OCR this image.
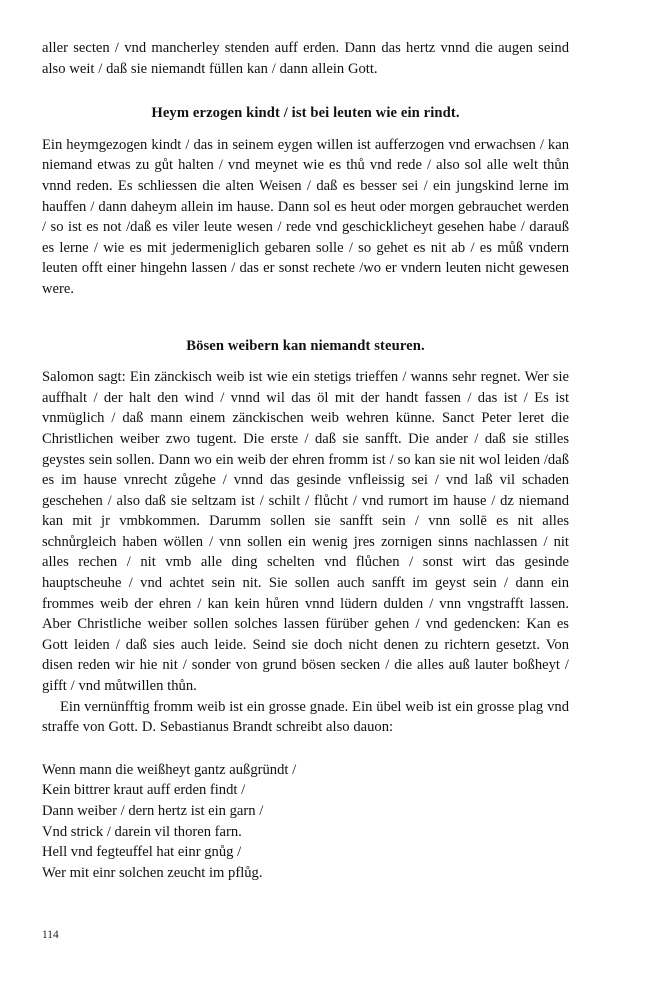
aller secten / vnd mancherley stenden auff erden. Dann das hertz vnnd die augen seind also weit / daß sie niemandt füllen kan / dann allein Gott.

Heym erzogen kindt / ist bei leuten wie ein rindt.

Ein heymgezogen kindt / das in seinem eygen willen ist aufferzogen vnd erwachsen / kan niemand etwas zu gůt halten / vnd meynet wie es thů vnd rede / also sol alle welt thůn vnnd reden. Es schliessen die alten Weisen / daß es besser sei / ein jungskind lerne im hauffen / dann daheym allein im hause. Dann sol es heut oder morgen gebrauchet werden / so ist es not /daß es viler leute wesen / rede vnd geschicklicheyt gesehen habe / darauß es lerne / wie es mit jedermeniglich gebaren solle / so gehet es nit ab / es můß vndern leuten offt einer hingehn lassen / das er sonst rechete /wo er vndern leuten nicht gewesen were.

Bösen weibern kan niemandt steuren.

Salomon sagt: Ein zänckisch weib ist wie ein stetigs trieffen / wanns sehr regnet. Wer sie auffhalt / der halt den wind / vnnd wil das öl mit der handt fassen / das ist / Es ist vnmüglich / daß mann einem zänckischen weib wehren künne. Sanct Peter leret die Christlichen weiber zwo tugent. Die erste / daß sie sanfft. Die ander / daß sie stilles geystes sein sollen. Dann wo ein weib der ehren fromm ist / so kan sie nit wol leiden /daß es im hause vnrecht zůgehe / vnnd das gesinde vnfleissig sei / vnd laß vil schaden geschehen / also daß sie seltzam ist / schilt / flůcht / vnd rumort im hause / dz niemand kan mit jr vmbkommen. Darumm sollen sie sanfft sein / vnn sollē es nit alles schnůrgleich haben wöllen / vnn sollen ein wenig jres zornigen sinns nachlassen / nit alles rechen / nit vmb alle ding schelten vnd flůchen / sonst wirt das gesinde hauptscheuhe / vnd achtet sein nit. Sie sollen auch sanfft im geyst sein / dann ein frommes weib der ehren / kan kein hůren vnnd lüdern dulden / vnn vngstrafft lassen. Aber Christliche weiber sollen solches lassen fürüber gehen / vnd gedencken: Kan es Gott leiden / daß sies auch leide. Seind sie doch nicht denen zu richtern gesetzt. Von disen reden wir hie nit / sonder von grund bösen secken / die alles auß lauter boßheyt / gifft / vnd můtwillen thůn.

Ein vernünfftig fromm weib ist ein grosse gnade. Ein übel weib ist ein grosse plag vnd straffe von Gott. D. Sebastianus Brandt schreibt also dauon:

Wenn mann die weißheyt gantz außgründt /
Kein bittrer kraut auff erden findt /
Dann weiber / dern hertz ist ein garn /
Vnd strick / darein vil thoren farn.
Hell vnd fegteuffel hat einr gnůg /
Wer mit einr solchen zeucht im pflůg.
114
